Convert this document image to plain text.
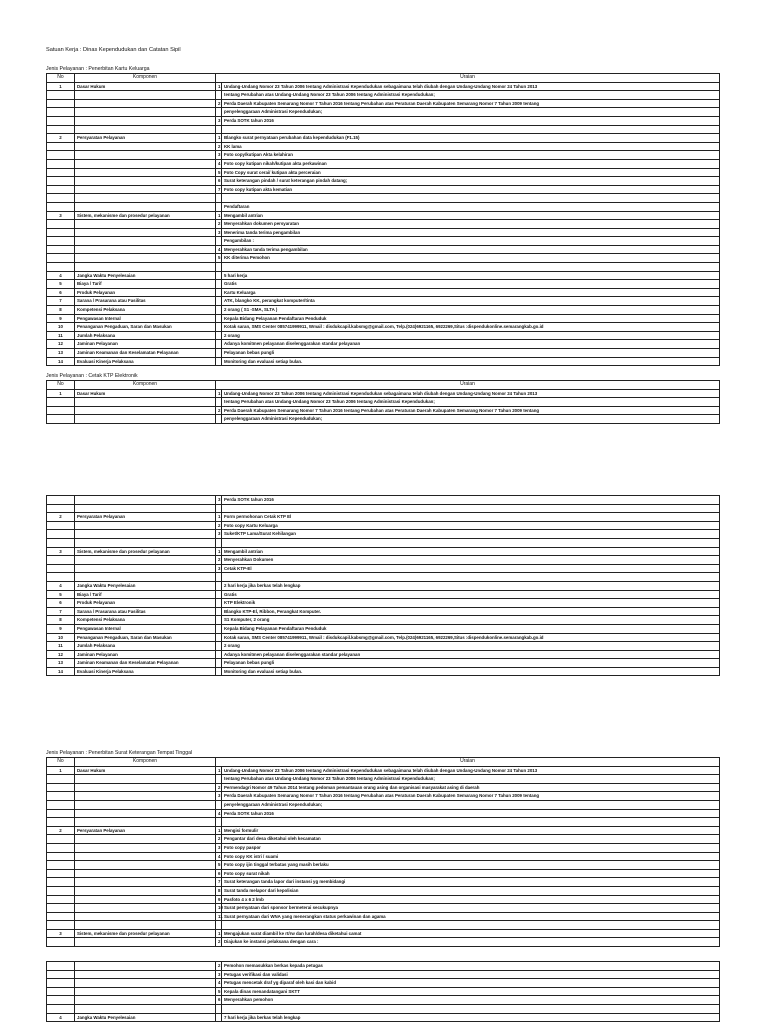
Satuan Kerja : Dinas Kependudukan dan Catatan Sipil
Jenis Pelayanan : Penerbitan Kartu Keluarga
No	Komponen	Uraian	
1	Dasar Hukum	1	Undang-Undang Nomor 23 Tahun 2006 tentang Administrasi Kependudukan sebagaimana telah diubah dengan Undang-Undang Nomor 24 Tahun 2013
			tentang Perubahan atas Undang-Undang Nomor 23 Tahun 2006 tentang Administrasi Kependudukan;
		2	Perda Daerah Kabupaten Semarang Nomor 7 Tahun 2016 tentang Perubahan atas Peraturan Daerah Kabupaten Semarang Nomor 7 Tahun 2009 tentang
			penyelenggaraan Administrasi Kependudukan;
		3	Perda SOTK tahun 2016

2	Persyaratan Pelayanan	1	Blangko surat pernyataan perubahan data kependudukan (F1.15)
		2	KK lama
		3	Foto copy/kutipan Akta kelahiran
		4	Foto copy kutipan nikah/kutipan akta perkawinan
		5	Foto Copy surat cerai/ kutipan akta perceraian
		6	Surat keterangan pindah / surat keterangan pindah datang;
		7	Foto copy kutipan akta kematian

			Pendaftaran
3	Sistem, mekanisme dan prosedur pelayanan	1	Mengambil antrian
		2	Menyerahkan dokumen persyaratan
		3	Menerima tanda terima pengambilan
			Pengambilan :
		4	Menyerahkan tanda terima pengambilan
		5	KK diterima Pemohon

4	Jangka Waktu Penyelesaian		5 hari kerja
5	Biaya / Tarif		Gratis
6	Produk Pelayanan		Kartu Keluarga
7	Sarana / Prasarana atau Fasilitas		ATK, blangko KK, perangkat komputer/tinta
8	Kompetensi Pelaksana		2 orang ( S1 -SMA, SLTA )
9	Pengawasan Internal		Kepala Bidang Pelayanan Pendaftaran Penduduk
10	Penanganan Pengaduan, Saran dan Masukan		Kotak saran, SMS Center 085741999911, Wmail : disdukcapil.kabsmg@gmail.com, Telp.(024)6921165, 6922269,Situs :dispendukonline.semarangkab.go.id
11	Jumlah Pelaksana		2 orang
12	Jaminan Pelayanan		Adanya komitmen pelayanan diselenggarakan standar pelayanan
13	Jaminan Keamanan dan Keselamatan Pelayanan		Pelayanan bebas pungli
14	Evaluasi Kinerja Pelaksana		Monitoring dan evaluasi setiap bulan.
Jenis Pelayanan : Cetak KTP Elektronik
No	Komponen	Uraian	
1	Dasar Hukum	1	Undang-Undang Nomor 23 Tahun 2006 tentang Administrasi Kependudukan sebagaimana telah diubah dengan Undang-Undang Nomor 24 Tahun 2013
			tentang Perubahan atas Undang-Undang Nomor 23 Tahun 2006 tentang Administrasi Kependudukan;
		2	Perda Daerah Kabupaten Semarang Nomor 7 Tahun 2016 tentang Perubahan atas Peraturan Daerah Kabupaten Semarang Nomor 7 Tahun 2009 tentang
			penyelenggaraan Administrasi Kependudukan;
		3	Perda SOTK tahun 2016

2	Persyaratan Pelayanan	1	Form permohonan Cetak KTP El
		2	Foto copy Kartu Keluarga
		3	Suket/KTP Lama/Surat Kehilangan

3	Sistem, mekanisme dan prosedur pelayanan	1	Mengambil antrian
		2	Menyerahkan Dokumen
		3	Cetak KTP-El

4	Jangka Waktu Penyelesaian		2 hari kerja jika berkas telah lengkap
5	Biaya / Tarif		Gratis
6	Produk Pelayanan		KTP Elektronik
7	Sarana / Prasarana atau Fasilitas		Blangko KTP-El, Ribbon, Perangkat Komputer.
8	Kompetensi Pelaksana		S1 Komputer, 2 orang
9	Pengawasan Internal		Kepala Bidang Pelayanan Pendaftaran Penduduk
10	Penanganan Pengaduan, Saran dan Masukan		Kotak saran, SMS Center 085741999911, Wmail : disdukcapil.kabsmg@gmail.com, Telp.(024)6921165, 6922269,Situs :dispendukonline.semarangkab.go.id
11	Jumlah Pelaksana		2 orang
12	Jaminan Pelayanan		Adanya komitmen pelayanan diselenggarakan standar pelayanan
13	Jaminan Keamanan dan Keselamatan Pelayanan		Pelayanan bebas pungli
14	Evaluasi Kinerja Pelaksana		Monitoring dan evaluasi setiap bulan.
Jenis Pelayanan : Penerbitan Surat Keterangan Tempat Tinggal
No	Komponen	Uraian	
1	Dasar Hukum	1	Undang-Undang Nomor 23 Tahun 2006 tentang Administrasi Kependudukan sebagaimana telah diubah dengan Undang-Undang Nomor 24 Tahun 2013
			tentang Perubahan atas Undang-Undang Nomor 23 Tahun 2006 tentang Administrasi Kependudukan;
		2	Permendagri Nomor 49 Tahun 2014 tentang pedoman pemantauan orang asing dan organisasi masyarakat asing di daerah
		3	Perda Daerah Kabupaten Semarang Nomor 7 Tahun 2016 tentang Perubahan atas Peraturan Daerah Kabupaten Semarang Nomor 7 Tahun 2009 tentang
			penyelenggaraan Administrasi Kependudukan;
		4	Perda SOTK tahun 2016

2	Persyaratan Pelayanan	1	Mengisi formulir
		2	Pengantar dari desa diketahui oleh kecamatan
		3	Foto copy paspor
		4	Foto copy KK istri / suami
		5	Foto copy ijin tinggal terbatas yang masih berlaku
		6	Foto copy surat nikah
		7	Surat keterangan tanda lapor dari instansi yg membidangi
		8	Surat tanda melapor dari kepolisian
		9	Pasfoto 4 x 6 2 lmb
		10	Surat pernyataan dari sponsor bermeterai secukupnya
		11	Surat pernyataan dari WNA yang menerangkan status perkawinan dan agama

3	Sistem, mekanisme dan prosedur pelayanan	1	Mengajukan surat diambil ke rt/rw dan lurah/desa diketahui camat
		2	Diajukan ke instansi pelaksana dengan cara :
		2	Pemohon memasukkan berkas kepada petugas
		3	Petugas verifikasi dan validasi
		4	Petugas mencetak draf yg diparaf oleh kasi dan kabid
		5	Kepala dinas menandatangani SKTT
		6	Menyerahkan pemohon

4	Jangka Waktu Penyelesaian		7 hari kerja jika berkas telah lengkap
